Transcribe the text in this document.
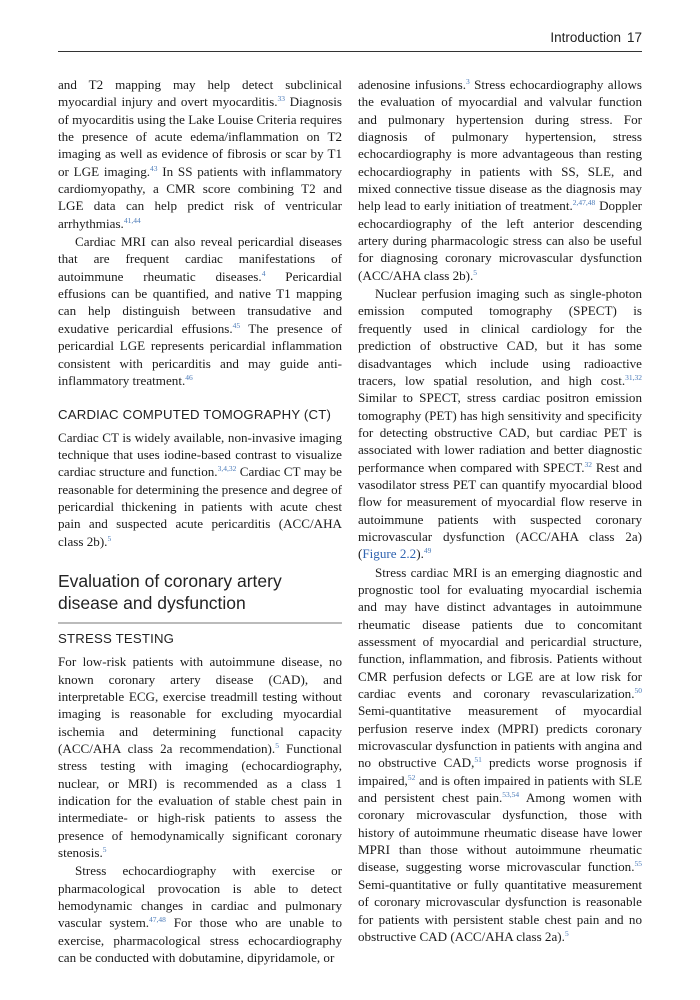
Introduction 17

and T2 mapping may help detect subclinical myocardial injury and overt myocarditis.$^{33}$ Diagnosis of myocarditis using the Lake Louise Criteria requires the presence of acute edema/inflammation on T2 imaging as well as evidence of fibrosis or scar by T1 or LGE imaging.$^{43}$ In SS patients with inflammatory cardiomyopathy, a CMR score combining T2 and LGE data can help predict risk of ventricular arrhythmias.$^{41,44}$

Cardiac MRI can also reveal pericardial diseases that are frequent cardiac manifestations of autoimmune rheumatic diseases.$^4$ Pericardial effusions can be quantified, and native T1 mapping can help distinguish between transudative and exudative pericardial effusions.$^{45}$ The presence of pericardial LGE represents pericardial inflammation consistent with pericarditis and may guide anti-inflammatory treatment.$^{46}$

CARDIAC COMPUTED TOMOGRAPHY (CT)

Cardiac CT is widely available, non-invasive imaging technique that uses iodine-based contrast to visualize cardiac structure and function.$^{3,4,32}$ Cardiac CT may be reasonable for determining the presence and degree of pericardial thickening in patients with acute chest pain and suspected acute pericarditis (ACC/AHA class 2b).$^5$

Evaluation of coronary artery disease and dysfunction
STRESS TESTING

For low-risk patients with autoimmune disease, no known coronary artery disease (CAD), and interpretable ECG, exercise treadmill testing without imaging is reasonable for excluding myocardial ischemia and determining functional capacity (ACC/AHA class 2a recommendation).$^5$ Functional stress testing with imaging (echocardiography, nuclear, or MRI) is recommended as a class 1 indication for the evaluation of stable chest pain in intermediate- or high-risk patients to assess the presence of hemodynamically significant coronary stenosis.$^5$

Stress echocardiography with exercise or pharmacological provocation is able to detect hemodynamic changes in cardiac and pulmonary vascular system.$^{47,48}$ For those who are unable to exercise, pharmacological stress echocardiography can be conducted with dobutamine, dipyridamole, or

adenosine infusions.$^3$ Stress echocardiography allows the evaluation of myocardial and valvular function and pulmonary hypertension during stress. For diagnosis of pulmonary hypertension, stress echocardiography is more advantageous than resting echocardiography in patients with SS, SLE, and mixed connective tissue disease as the diagnosis may help lead to early initiation of treatment.$^{2,47,48}$ Doppler echocardiography of the left anterior descending artery during pharmacologic stress can also be useful for diagnosing coronary microvascular dysfunction (ACC/AHA class 2b).$^5$

Nuclear perfusion imaging such as single-photon emission computed tomography (SPECT) is frequently used in clinical cardiology for the prediction of obstructive CAD, but it has some disadvantages which include using radioactive tracers, low spatial resolution, and high cost.$^{31,32}$ Similar to SPECT, stress cardiac positron emission tomography (PET) has high sensitivity and specificity for detecting obstructive CAD, but cardiac PET is associated with lower radiation and better diagnostic performance when compared with SPECT.$^{32}$ Rest and vasodilator stress PET can quantify myocardial blood flow for measurement of myocardial flow reserve in autoimmune patients with suspected coronary microvascular dysfunction (ACC/AHA class 2a) (Figure 2.2).$^{49}$

Stress cardiac MRI is an emerging diagnostic and prognostic tool for evaluating myocardial ischemia and may have distinct advantages in autoimmune rheumatic disease patients due to concomitant assessment of myocardial and pericardial structure, function, inflammation, and fibrosis. Patients without CMR perfusion defects or LGE are at low risk for cardiac events and coronary revascularization.$^{50}$ Semi-quantitative measurement of myocardial perfusion reserve index (MPRI) predicts coronary microvascular dysfunction in patients with angina and no obstructive CAD,$^{51}$ predicts worse prognosis if impaired,$^{52}$ and is often impaired in patients with SLE and persistent chest pain.$^{53,54}$ Among women with coronary microvascular dysfunction, those with history of autoimmune rheumatic disease have lower MPRI than those without autoimmune rheumatic disease, suggesting worse microvascular function.$^{55}$ Semi-quantitative or fully quantitative measurement of coronary microvascular dysfunction is reasonable for patients with persistent stable chest pain and no obstructive CAD (ACC/AHA class 2a).$^5$
